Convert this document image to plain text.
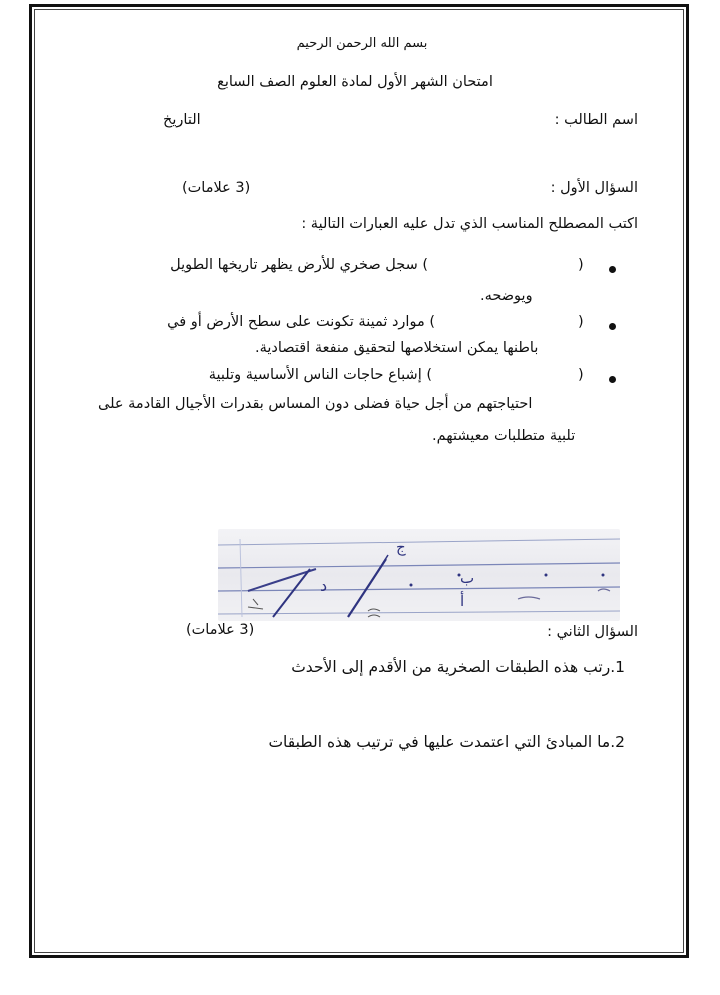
بسم الله الرحمن الرحيم
امتحان الشهر الأول لمادة العلوم الصف السابع
اسم الطالب :
التاريخ
السؤال الأول :
(3 علامات)
اكتب المصطلح المناسب الذي تدل عليه العبارات التالية :
(
) سجل صخري للأرض يظهر تاريخها الطويل
ويوضحه.
(
) موارد ثمينة تكونت على سطح الأرض أو في
باطنها يمكن استخلاصها لتحقيق منفعة اقتصادية.
(
) إشباع حاجات الناس الأساسية وتلبية
احتياجتهم من أجل حياة فضلى دون المساس بقدرات الأجيال القادمة على
تلبية متطلبات معيشتهم.
ج
ب
أ
د
السؤال الثاني :
(3 علامات)
1.رتب هذه الطبقات الصخرية من الأقدم إلى الأحدث
2.ما المبادئ التي اعتمدت عليها في ترتيب هذه الطبقات
